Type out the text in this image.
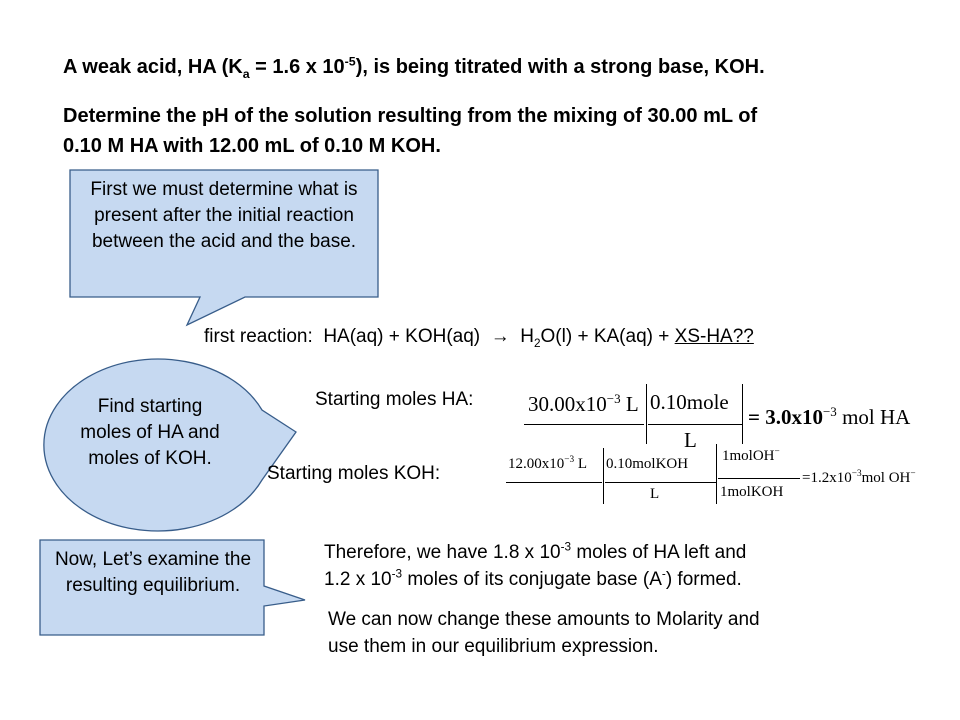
A weak acid, HA ($K_a = 1.6$ x $10^{-5}$), is being titrated with a strong base, KOH.
Determine the pH of the solution resulting from the mixing of 30.00 mL of
0.10 M HA with 12.00 mL of 0.10 M KOH.
First we must determine what is present after the initial reaction between the acid and the base.
Find starting moles of HA and moles of KOH.
Now, Let’s examine the resulting equilibrium.
first reaction: $HA(aq) + KOH(aq) \to H_2O(l) + KA(aq) + XS-HA$??
Starting moles HA:	$30.00x10^{-3}$ L 0.10mole
L
= $3.0x10^{-3}$ mol HA
Starting moles KOH:	$12.00x10^{-3}$ L 0.10molKOH
L
1molOH−
1molKOH
$=1.2x10^{-3}mol$ OH−
Therefore, we have 1.8 x $10^{-3}$ moles of HA left and
1.2 x $10^{-3}$ moles of its conjugate base (A-) formed.
We can now change these amounts to Molarity and
use them in our equilibrium expression.
